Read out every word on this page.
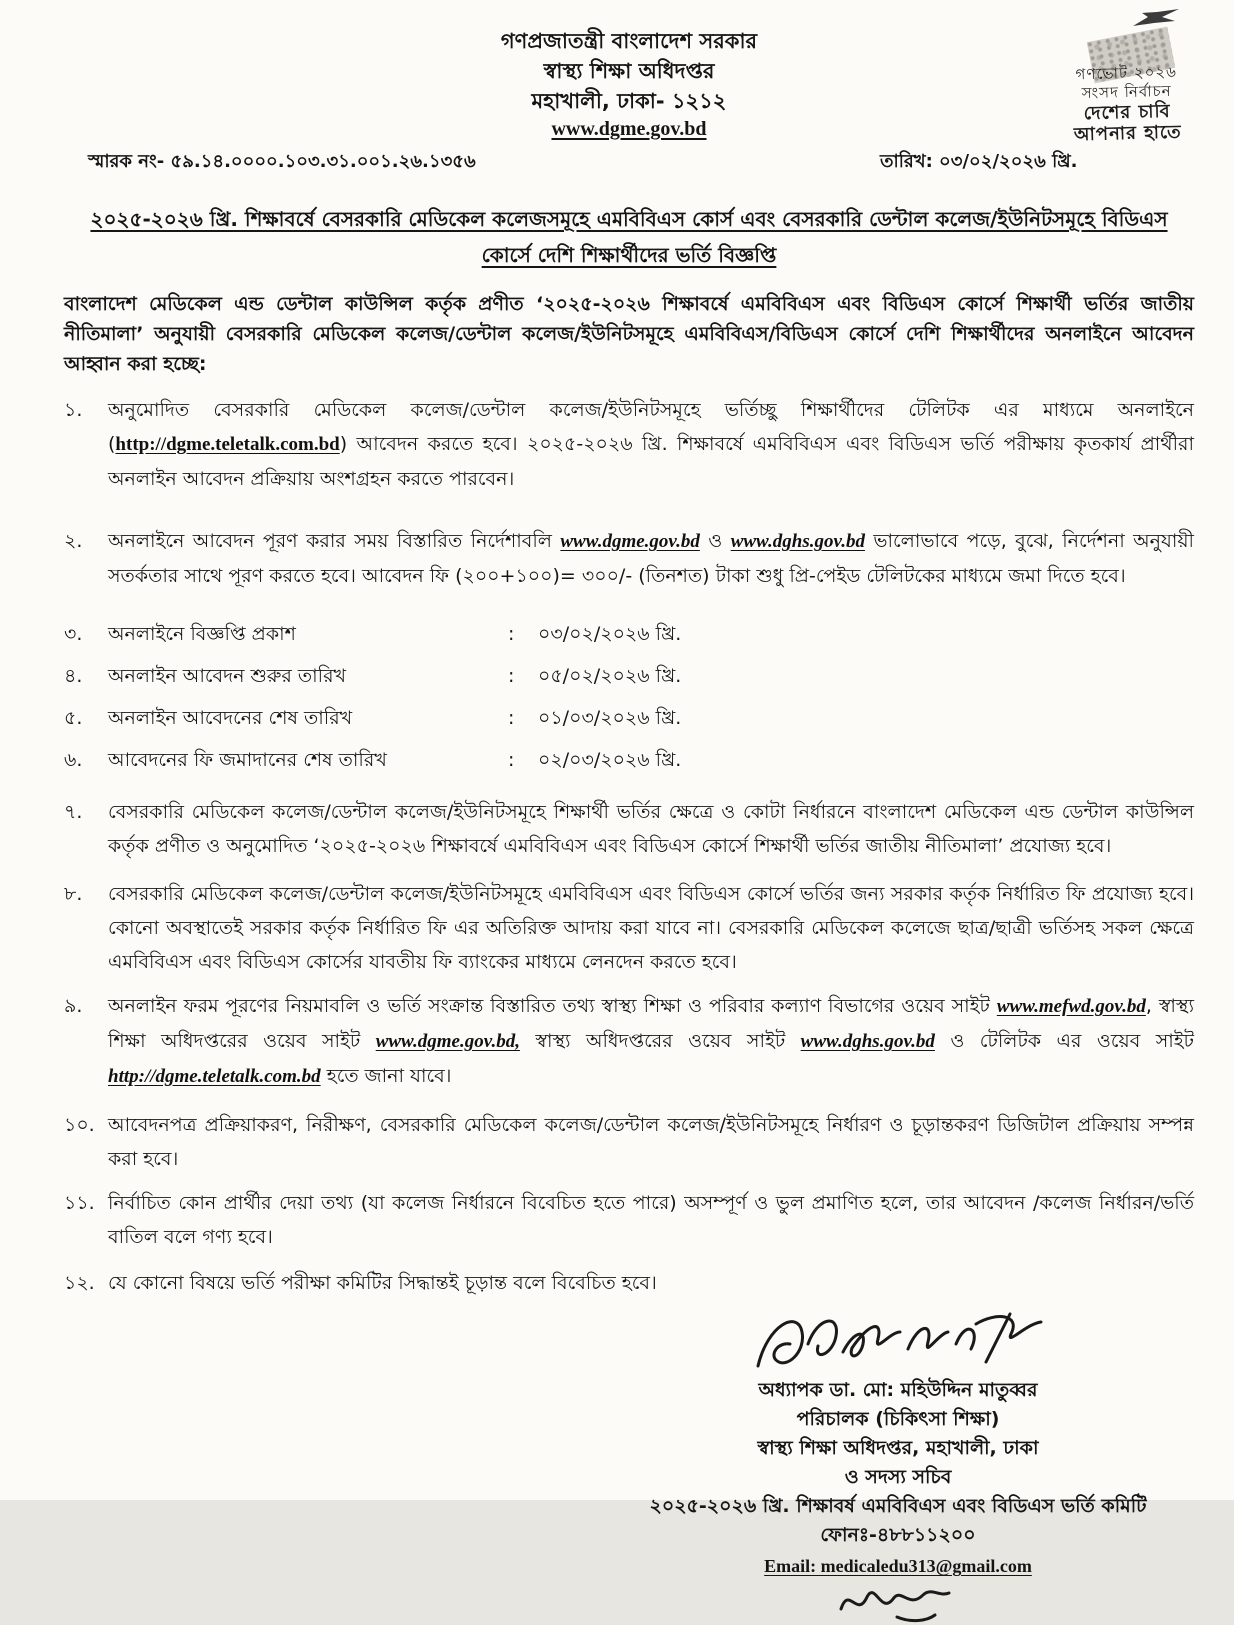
গণপ্রজাতন্ত্রী বাংলাদেশ সরকার
স্বাস্থ্য শিক্ষা অধিদপ্তর
মহাখালী, ঢাকা- ১২১২
www.dgme.gov.bd
গণভোট ২০২৬
সংসদ নির্বাচন
দেশের চাবি
আপনার হাতে
স্মারক নং- ৫৯.১৪.০০০০.১০৩.৩১.০০১.২৬.১৩৫৬	তারিখ: ০৩/০২/২০২৬ খ্রি.
২০২৫-২০২৬ খ্রি. শিক্ষাবর্ষে বেসরকারি মেডিকেল কলেজসমূহে এমবিবিএস কোর্স এবং বেসরকারি ডেন্টাল কলেজ/ইউনিটসমূহে বিডিএস কোর্সে দেশি শিক্ষার্থীদের ভর্তি বিজ্ঞপ্তি
বাংলাদেশ মেডিকেল এন্ড ডেন্টাল কাউন্সিল কর্তৃক প্রণীত ‘২০২৫-২০২৬ শিক্ষাবর্ষে এমবিবিএস এবং বিডিএস কোর্সে শিক্ষার্থী ভর্তির জাতীয় নীতিমালা’ অনুযায়ী বেসরকারি মেডিকেল কলেজ/ডেন্টাল কলেজ/ইউনিটসমূহে এমবিবিএস/বিডিএস কোর্সে দেশি শিক্ষার্থীদের অনলাইনে আবেদন আহ্বান করা হচ্ছে:
১.	অনুমোদিত বেসরকারি মেডিকেল কলেজ/ডেন্টাল কলেজ/ইউনিটসমূহে ভর্তিচ্ছু শিক্ষার্থীদের টেলিটক এর মাধ্যমে অনলাইনে (http://dgme.teletalk.com.bd) আবেদন করতে হবে। ২০২৫-২০২৬ খ্রি. শিক্ষাবর্ষে এমবিবিএস এবং বিডিএস ভর্তি পরীক্ষায় কৃতকার্য প্রার্থীরা অনলাইন আবেদন প্রক্রিয়ায় অংশগ্রহন করতে পারবেন।
২.	অনলাইনে আবেদন পূরণ করার সময় বিস্তারিত নির্দেশাবলি www.dgme.gov.bd ও www.dghs.gov.bd ভালোভাবে পড়ে, বুঝে, নির্দেশনা অনুযায়ী সতর্কতার সাথে পূরণ করতে হবে। আবেদন ফি (২০০+১০০)= ৩০০/- (তিনশত) টাকা শুধু প্রি-পেইড টেলিটকের মাধ্যমে জমা দিতে হবে।
৩.	অনলাইনে বিজ্ঞপ্তি প্রকাশ	:	০৩/০২/২০২৬ খ্রি.
৪.	অনলাইন আবেদন শুরুর তারিখ	:	০৫/০২/২০২৬ খ্রি.
৫.	অনলাইন আবেদনের শেষ তারিখ	:	০১/০৩/২০২৬ খ্রি.
৬.	আবেদনের ফি জমাদানের শেষ তারিখ	:	০২/০৩/২০২৬ খ্রি.
৭.	বেসরকারি মেডিকেল কলেজ/ডেন্টাল কলেজ/ইউনিটসমূহে শিক্ষার্থী ভর্তির ক্ষেত্রে ও কোটা নির্ধারনে বাংলাদেশ মেডিকেল এন্ড ডেন্টাল কাউন্সিল কর্তৃক প্রণীত ও অনুমোদিত ‘২০২৫-২০২৬ শিক্ষাবর্ষে এমবিবিএস এবং বিডিএস কোর্সে শিক্ষার্থী ভর্তির জাতীয় নীতিমালা’ প্রযোজ্য হবে।
৮.	বেসরকারি মেডিকেল কলেজ/ডেন্টাল কলেজ/ইউনিটসমূহে এমবিবিএস এবং বিডিএস কোর্সে ভর্তির জন্য সরকার কর্তৃক নির্ধারিত ফি প্রযোজ্য হবে। কোনো অবস্থাতেই সরকার কর্তৃক নির্ধারিত ফি এর অতিরিক্ত আদায় করা যাবে না। বেসরকারি মেডিকেল কলেজে ছাত্র/ছাত্রী ভর্তিসহ সকল ক্ষেত্রে এমবিবিএস এবং বিডিএস কোর্সের যাবতীয় ফি ব্যাংকের মাধ্যমে লেনদেন করতে হবে।
৯.	অনলাইন ফরম পূরণের নিয়মাবলি ও ভর্তি সংক্রান্ত বিস্তারিত তথ্য স্বাস্থ্য শিক্ষা ও পরিবার কল্যাণ বিভাগের ওয়েব সাইট www.mefwd.gov.bd, স্বাস্থ্য শিক্ষা অধিদপ্তরের ওয়েব সাইট www.dgme.gov.bd, স্বাস্থ্য অধিদপ্তরের ওয়েব সাইট www.dghs.gov.bd ও টেলিটক এর ওয়েব সাইট http://dgme.teletalk.com.bd হতে জানা যাবে।
১০. আবেদনপত্র প্রক্রিয়াকরণ, নিরীক্ষণ, বেসরকারি মেডিকেল কলেজ/ডেন্টাল কলেজ/ইউনিটসমূহে নির্ধারণ ও চূড়ান্তকরণ ডিজিটাল প্রক্রিয়ায় সম্পন্ন করা হবে।
১১. নির্বাচিত কোন প্রার্থীর দেয়া তথ্য (যা কলেজ নির্ধারনে বিবেচিত হতে পারে) অসম্পূর্ণ ও ভুল প্রমাণিত হলে, তার আবেদন /কলেজ নির্ধারন/ভর্তি বাতিল বলে গণ্য হবে।
১২. যে কোনো বিষয়ে ভর্তি পরীক্ষা কমিটির সিদ্ধান্তই চূড়ান্ত বলে বিবেচিত হবে।
অধ্যাপক ডা. মো: মহিউদ্দিন মাতুব্বর
পরিচালক (চিকিৎসা শিক্ষা)
স্বাস্থ্য শিক্ষা অধিদপ্তর, মহাখালী, ঢাকা
ও সদস্য সচিব
২০২৫-২০২৬ খ্রি. শিক্ষাবর্ষ এমবিবিএস এবং বিডিএস ভর্তি কমিটি
ফোনঃ-৪৮৮১১২০০
Email: medicaledu313@gmail.com
